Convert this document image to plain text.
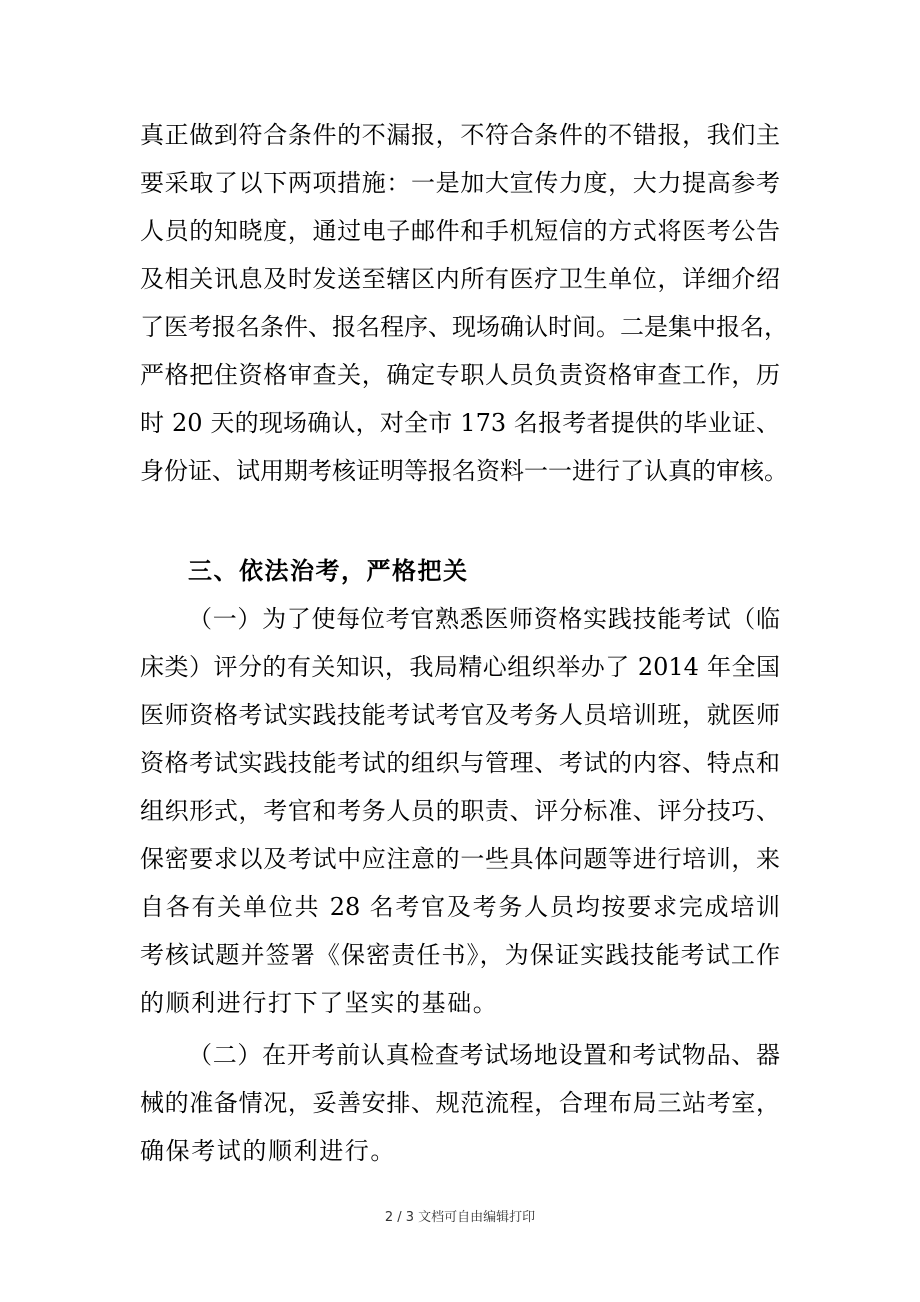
真正做到符合条件的不漏报，不符合条件的不错报，我们主
要采取了以下两项措施：一是加大宣传力度，大力提高参考
人员的知晓度，通过电子邮件和手机短信的方式将医考公告
及相关讯息及时发送至辖区内所有医疗卫生单位，详细介绍
了医考报名条件、报名程序、现场确认时间。二是集中报名，
严格把住资格审查关，确定专职人员负责资格审查工作，历
时 20 天的现场确认，对全市 173 名报考者提供的毕业证、
身份证、试用期考核证明等报名资料一一进行了认真的审核。
三、依法治考，严格把关
（一）为了使每位考官熟悉医师资格实践技能考试（临
床类）评分的有关知识，我局精心组织举办了 2014 年全国
医师资格考试实践技能考试考官及考务人员培训班，就医师
资格考试实践技能考试的组织与管理、考试的内容、特点和
组织形式，考官和考务人员的职责、评分标准、评分技巧、
保密要求以及考试中应注意的一些具体问题等进行培训，来
自各有关单位共 28 名考官及考务人员均按要求完成培训
考核试题并签署《保密责任书》，为保证实践技能考试工作
的顺利进行打下了坚实的基础。
（二）在开考前认真检查考试场地设置和考试物品、器
械的准备情况，妥善安排、规范流程，合理布局三站考室，
确保考试的顺利进行。
2 / 3 文档可自由编辑打印
